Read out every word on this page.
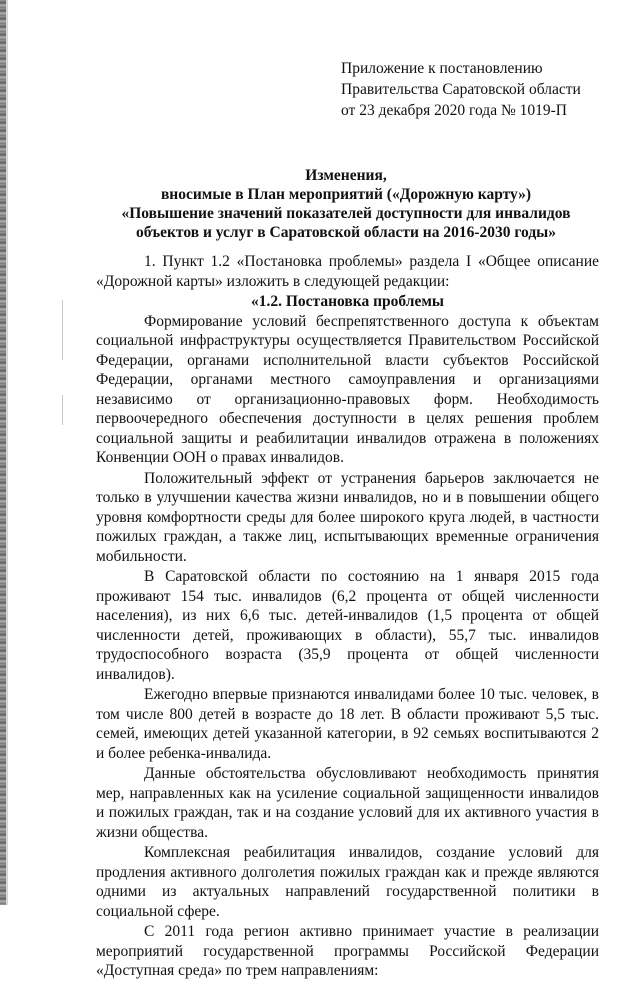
Приложение к постановлению
Правительства Саратовской области
от 23 декабря 2020 года № 1019-П
Изменения,
вносимые в План мероприятий («Дорожную карту»)
«Повышение значений показателей доступности для инвалидов
объектов и услуг в Саратовской области на 2016-2030 годы»

1. Пункт 1.2 «Постановка проблемы» раздела I «Общее описание «Дорожной карты» изложить в следующей редакции:

«1.2. Постановка проблемы

Формирование условий беспрепятственного доступа к объектам социальной инфраструктуры осуществляется Правительством Российской Федерации, органами исполнительной власти субъектов Российской Федерации, органами местного самоуправления и организациями независимо от организационно-правовых форм. Необходимость первоочередного обеспечения доступности в целях решения проблем социальной защиты и реабилитации инвалидов отражена в положениях Конвенции ООН о правах инвалидов.

Положительный эффект от устранения барьеров заключается не только в улучшении качества жизни инвалидов, но и в повышении общего уровня комфортности среды для более широкого круга людей, в частности пожилых граждан, а также лиц, испытывающих временные ограничения мобильности.

В Саратовской области по состоянию на 1 января 2015 года проживают 154 тыс. инвалидов (6,2 процента от общей численности населения), из них 6,6 тыс. детей-инвалидов (1,5 процента от общей численности детей, проживающих в области), 55,7 тыс. инвалидов трудоспособного возраста (35,9 процента от общей численности инвалидов).

Ежегодно впервые признаются инвалидами более 10 тыс. человек, в том числе 800 детей в возрасте до 18 лет. В области проживают 5,5 тыс. семей, имеющих детей указанной категории, в 92 семьях воспитываются 2 и более ребенка-инвалида.

Данные обстоятельства обусловливают необходимость принятия мер, направленных как на усиление социальной защищенности инвалидов и пожилых граждан, так и на создание условий для их активного участия в жизни общества.

Комплексная реабилитация инвалидов, создание условий для продления активного долголетия пожилых граждан как и прежде являются одними из актуальных направлений государственной политики в социальной сфере.

С 2011 года регион активно принимает участие в реализации мероприятий государственной программы Российской Федерации «Доступная среда» по трем направлениям:
